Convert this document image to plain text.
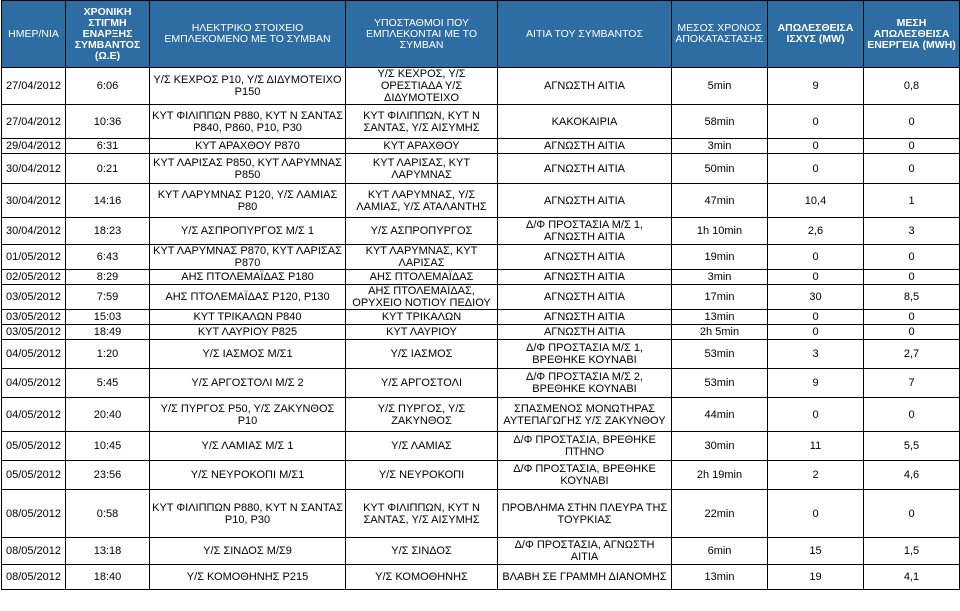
ΗΜΕΡ/ΝΙΑ	ΧΡΟΝΙΚΗ ΣΤΙΓΜΗ ΕΝΑΡΞΗΣ ΣΥΜΒΑΝΤΟΣ (Ω.Ε)	ΗΛΕΚΤΡΙΚΟ ΣΤΟΙΧΕΙΟ ΕΜΠΛΕΚΟΜΕΝΟ ΜΕ ΤΟ ΣΥΜΒΑΝ	ΥΠΟΣΤΑΘΜΟΙ ΠΟΥ ΕΜΠΛΕΚΟΝΤΑΙ ΜΕ ΤΟ ΣΥΜΒΑΝ	ΑΙΤΙΑ ΤΟΥ ΣΥΜΒΑΝΤΟΣ	ΜΕΣΟΣ ΧΡΟΝΟΣ ΑΠΟΚΑΤΑΣΤΑΣΗΣ	ΑΠΩΛΕΣΘΕΙΣΑ ΙΣΧΥΣ (MW)	ΜΕΣΗ ΑΠΩΛΕΣΘΕΙΣΑ ΕΝΕΡΓΕΙΑ (MWH)
27/04/2012	6:06	Υ/Σ ΚΕΧΡΟΣ Ρ10, Υ/Σ ΔΙΔΥΜΟΤΕΙΧΟ Ρ150	Υ/Σ ΚΕΧΡΟΣ, Υ/Σ ΟΡΕΣΤΙΑΔΑ Υ/Σ ΔΙΔΥΜΟΤΕΙΧΟ	ΑΓΝΩΣΤΗ ΑΙΤΙΑ	5min	9	0,8
27/04/2012	10:36	ΚΥΤ ΦΙΛΙΠΠΩΝ Ρ880, ΚΥΤ Ν ΣΑΝΤΑΣ Ρ840, Ρ860, Ρ10, Ρ30	ΚΥΤ ΦΙΛΙΠΠΩΝ, ΚΥΤ Ν ΣΑΝΤΑΣ, Υ/Σ ΑΙΣΥΜΗΣ	ΚΑΚΟΚΑΙΡΙΑ	58min	0	0
29/04/2012	6:31	ΚΥΤ ΑΡΑΧΘΟΥ Ρ870	ΚΥΤ ΑΡΑΧΘΟΥ	ΑΓΝΩΣΤΗ ΑΙΤΙΑ	3min	0	0
30/04/2012	0:21	ΚΥΤ ΛΑΡΙΣΑΣ Ρ850, ΚΥΤ ΛΑΡΥΜΝΑΣ Ρ850	ΚΥΤ ΛΑΡΙΣΑΣ, ΚΥΤ ΛΑΡΥΜΝΑΣ	ΑΓΝΩΣΤΗ ΑΙΤΙΑ	50min	0	0
30/04/2012	14:16	ΚΥΤ ΛΑΡΥΜΝΑΣ Ρ120, Υ/Σ ΛΑΜΙΑΣ Ρ80	ΚΥΤ ΛΑΡΥΜΝΑΣ, Υ/Σ ΛΑΜΙΑΣ, Υ/Σ ΑΤΑΛΑΝΤΗΣ	ΑΓΝΩΣΤΗ ΑΙΤΙΑ	47min	10,4	1
30/04/2012	18:23	Υ/Σ ΑΣΠΡΟΠΥΡΓΟΣ Μ/Σ 1	Υ/Σ ΑΣΠΡΟΠΥΡΓΟΣ	Δ/Φ ΠΡΟΣΤΑΣΙΑ Μ/Σ 1, ΑΓΝΩΣΤΗ ΑΙΤΙΑ	1h 10min	2,6	3
01/05/2012	6:43	ΚΥΤ ΛΑΡΥΜΝΑΣ Ρ870, ΚΥΤ ΛΑΡΙΣΑΣ Ρ870	ΚΥΤ ΛΑΡΥΜΝΑΣ, ΚΥΤ ΛΑΡΙΣΑΣ	ΑΓΝΩΣΤΗ ΑΙΤΙΑ	19min	0	0
02/05/2012	8:29	ΑΗΣ ΠΤΟΛΕΜΑΪΔΑΣ Ρ180	ΑΗΣ ΠΤΟΛΕΜΑΪΔΑΣ	ΑΓΝΩΣΤΗ ΑΙΤΙΑ	3min	0	0
03/05/2012	7:59	ΑΗΣ ΠΤΟΛΕΜΑΪΔΑΣ Ρ120, Ρ130	ΑΗΣ ΠΤΟΛΕΜΑΪΔΑΣ, ΟΡΥΧΕΙΟ ΝΟΤΙΟΥ ΠΕΔΙΟΥ	ΑΓΝΩΣΤΗ ΑΙΤΙΑ	17min	30	8,5
03/05/2012	15:03	ΚΥΤ ΤΡΙΚΑΛΩΝ Ρ840	ΚΥΤ ΤΡΙΚΑΛΩΝ	ΑΓΝΩΣΤΗ ΑΙΤΙΑ	13min	0	0
03/05/2012	18:49	ΚΥΤ ΛΑΥΡΙΟΥ Ρ825	ΚΥΤ ΛΑΥΡΙΟΥ	ΑΓΝΩΣΤΗ ΑΙΤΙΑ	2h 5min	0	0
04/05/2012	1:20	Υ/Σ ΙΑΣΜΟΣ Μ/Σ1	Υ/Σ ΙΑΣΜΟΣ	Δ/Φ ΠΡΟΣΤΑΣΙΑ Μ/Σ 1, ΒΡΕΘΗΚΕ ΚΟΥΝΑΒΙ	53min	3	2,7
04/05/2012	5:45	Υ/Σ ΑΡΓΟΣΤΟΛΙ Μ/Σ 2	Υ/Σ ΑΡΓΟΣΤΟΛΙ	Δ/Φ ΠΡΟΣΤΑΣΙΑ Μ/Σ 2, ΒΡΕΘΗΚΕ ΚΟΥΝΑΒΙ	53min	9	7
04/05/2012	20:40	Υ/Σ ΠΥΡΓΟΣ Ρ50, Υ/Σ ΖΑΚΥΝΘΟΣ Ρ10	Υ/Σ ΠΥΡΓΟΣ, Υ/Σ ΖΑΚΥΝΘΟΣ	ΣΠΑΣΜΕΝΟΣ ΜΟΝΩΤΗΡΑΣ ΑΥΤΕΠΑΓΩΓΗΣ Υ/Σ ΖΑΚΥΝΘΟΥ	44min	0	0
05/05/2012	10:45	Υ/Σ ΛΑΜΙΑΣ Μ/Σ 1	Υ/Σ ΛΑΜΙΑΣ	Δ/Φ ΠΡΟΣΤΑΣΙΑ, ΒΡΕΘΗΚΕ ΠΤΗΝΟ	30min	11	5,5
05/05/2012	23:56	Υ/Σ ΝΕΥΡΟΚΟΠΙ Μ/Σ1	Υ/Σ ΝΕΥΡΟΚΟΠΙ	Δ/Φ ΠΡΟΣΤΑΣΙΑ, ΒΡΕΘΗΚΕ ΚΟΥΝΑΒΙ	2h 19min	2	4,6
08/05/2012	0:58	ΚΥΤ ΦΙΛΙΠΠΩΝ Ρ880, ΚΥΤ Ν ΣΑΝΤΑΣ Ρ10, Ρ30	ΚΥΤ ΦΙΛΙΠΠΩΝ, ΚΥΤ Ν ΣΑΝΤΑΣ, Υ/Σ ΑΙΣΥΜΗΣ	ΠΡΟΒΛΗΜΑ ΣΤΗΝ ΠΛΕΥΡΑ ΤΗΣ ΤΟΥΡΚΙΑΣ	22min	0	0
08/05/2012	13:18	Υ/Σ ΣΙΝΔΟΣ Μ/Σ9	Υ/Σ ΣΙΝΔΟΣ	Δ/Φ ΠΡΟΣΤΑΣΙΑ, ΑΓΝΩΣΤΗ ΑΙΤΙΑ	6min	15	1,5
08/05/2012	18:40	Υ/Σ ΚΟΜΟΘΗΝΗΣ Ρ215	Υ/Σ ΚΟΜΟΘΗΝΗΣ	ΒΛΑΒΗ ΣΕ ΓΡΑΜΜΗ ΔΙΑΝΟΜΗΣ	13min	19	4,1
